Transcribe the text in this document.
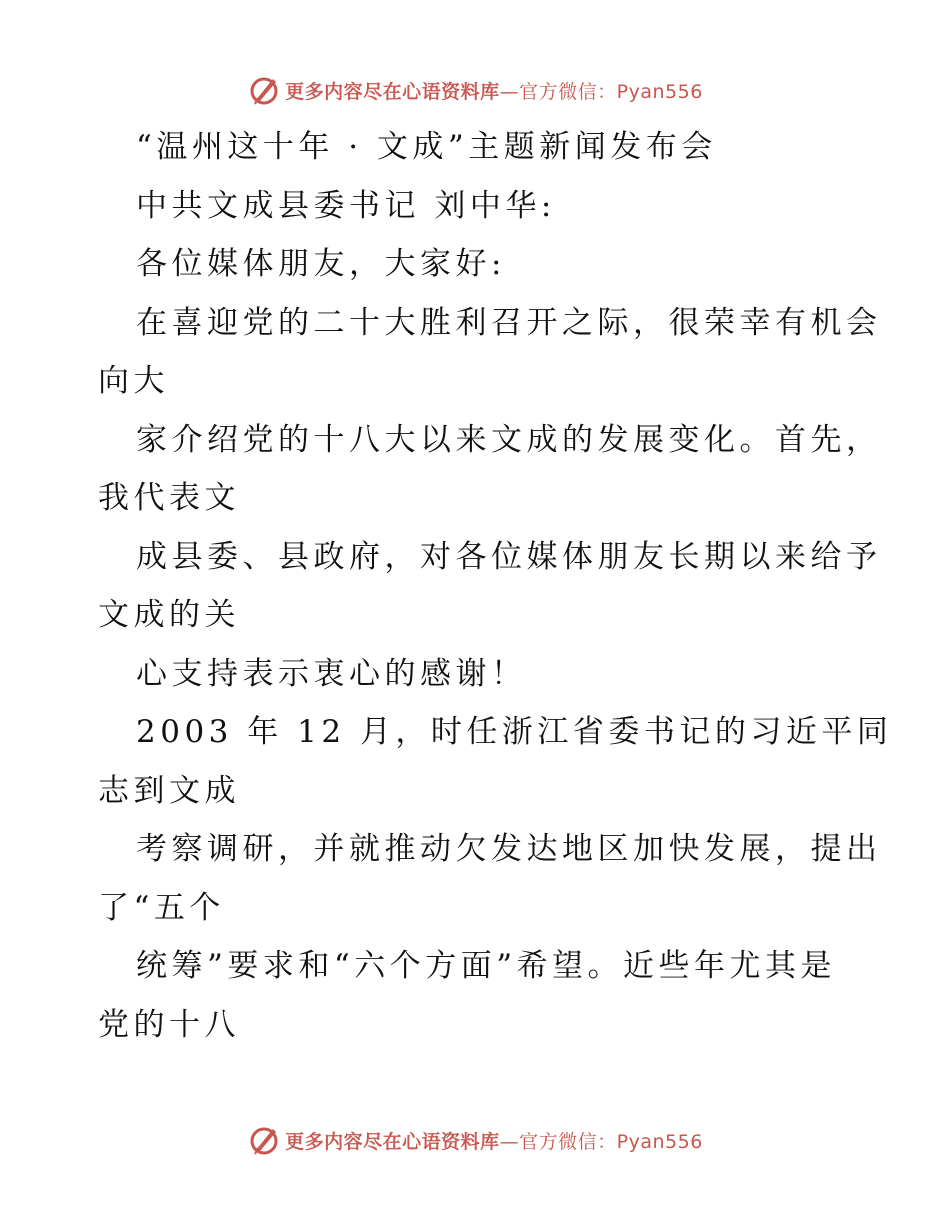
更多内容尽在心语资料库 —官方微信：Pyan556
“温州这十年 · 文成”主题新闻发布会
中共文成县委书记 刘中华:
各位媒体朋友，大家好:
在喜迎党的二十大胜利召开之际，很荣幸有机会
向大
家介绍党的十八大以来文成的发展变化。首先，
我代表文
成县委、县政府，对各位媒体朋友长期以来给予
文成的关
心支持表示衷心的感谢！
2003 年 12 月，时任浙江省委书记的习近平同
志到文成
考察调研，并就推动欠发达地区加快发展，提出
了“五个
统筹”要求和“六个方面”希望。近些年尤其是
党的十八
更多内容尽在心语资料库 —官方微信：Pyan556
